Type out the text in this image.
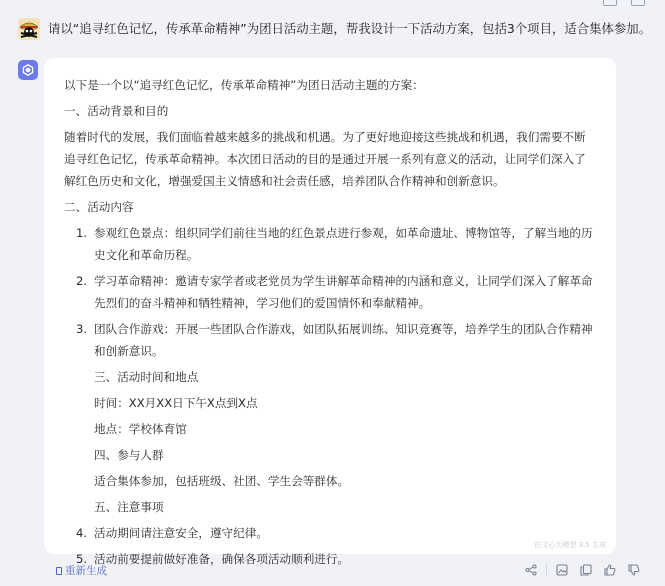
请以“追寻红色记忆，传承革命精神”为团日活动主题，帮我设计一下活动方案，包括3个项目，适合集体参加。

以下是一个以“追寻红色记忆，传承革命精神”为团日活动主题的方案：

一、活动背景和目的

随着时代的发展，我们面临着越来越多的挑战和机遇。为了更好地迎接这些挑战和机遇，我们需要不断追寻红色记忆，传承革命精神。本次团日活动的目的是通过开展一系列有意义的活动，让同学们深入了解红色历史和文化，增强爱国主义情感和社会责任感，培养团队合作精神和创新意识。

二、活动内容

1. 参观红色景点：组织同学们前往当地的红色景点进行参观，如革命遗址、博物馆等，了解当地的历史文化和革命历程。
2. 学习革命精神：邀请专家学者或老党员为学生讲解革命精神的内涵和意义，让同学们深入了解革命先烈们的奋斗精神和牺牲精神，学习他们的爱国情怀和奉献精神。
3. 团队合作游戏：开展一些团队合作游戏，如团队拓展训练、知识竞赛等，培养学生的团队合作精神和创新意识。

三、活动时间和地点

时间：XX月XX日下午X点到X点

地点：学校体育馆

四、参与人群

适合集体参加，包括班级、社团、学生会等群体。

五、注意事项

4. 活动期间请注意安全，遵守纪律。
5. 活动前要提前做好准备，确保各项活动顺利进行。
由文心大模型 3.5 生成
重新生成
